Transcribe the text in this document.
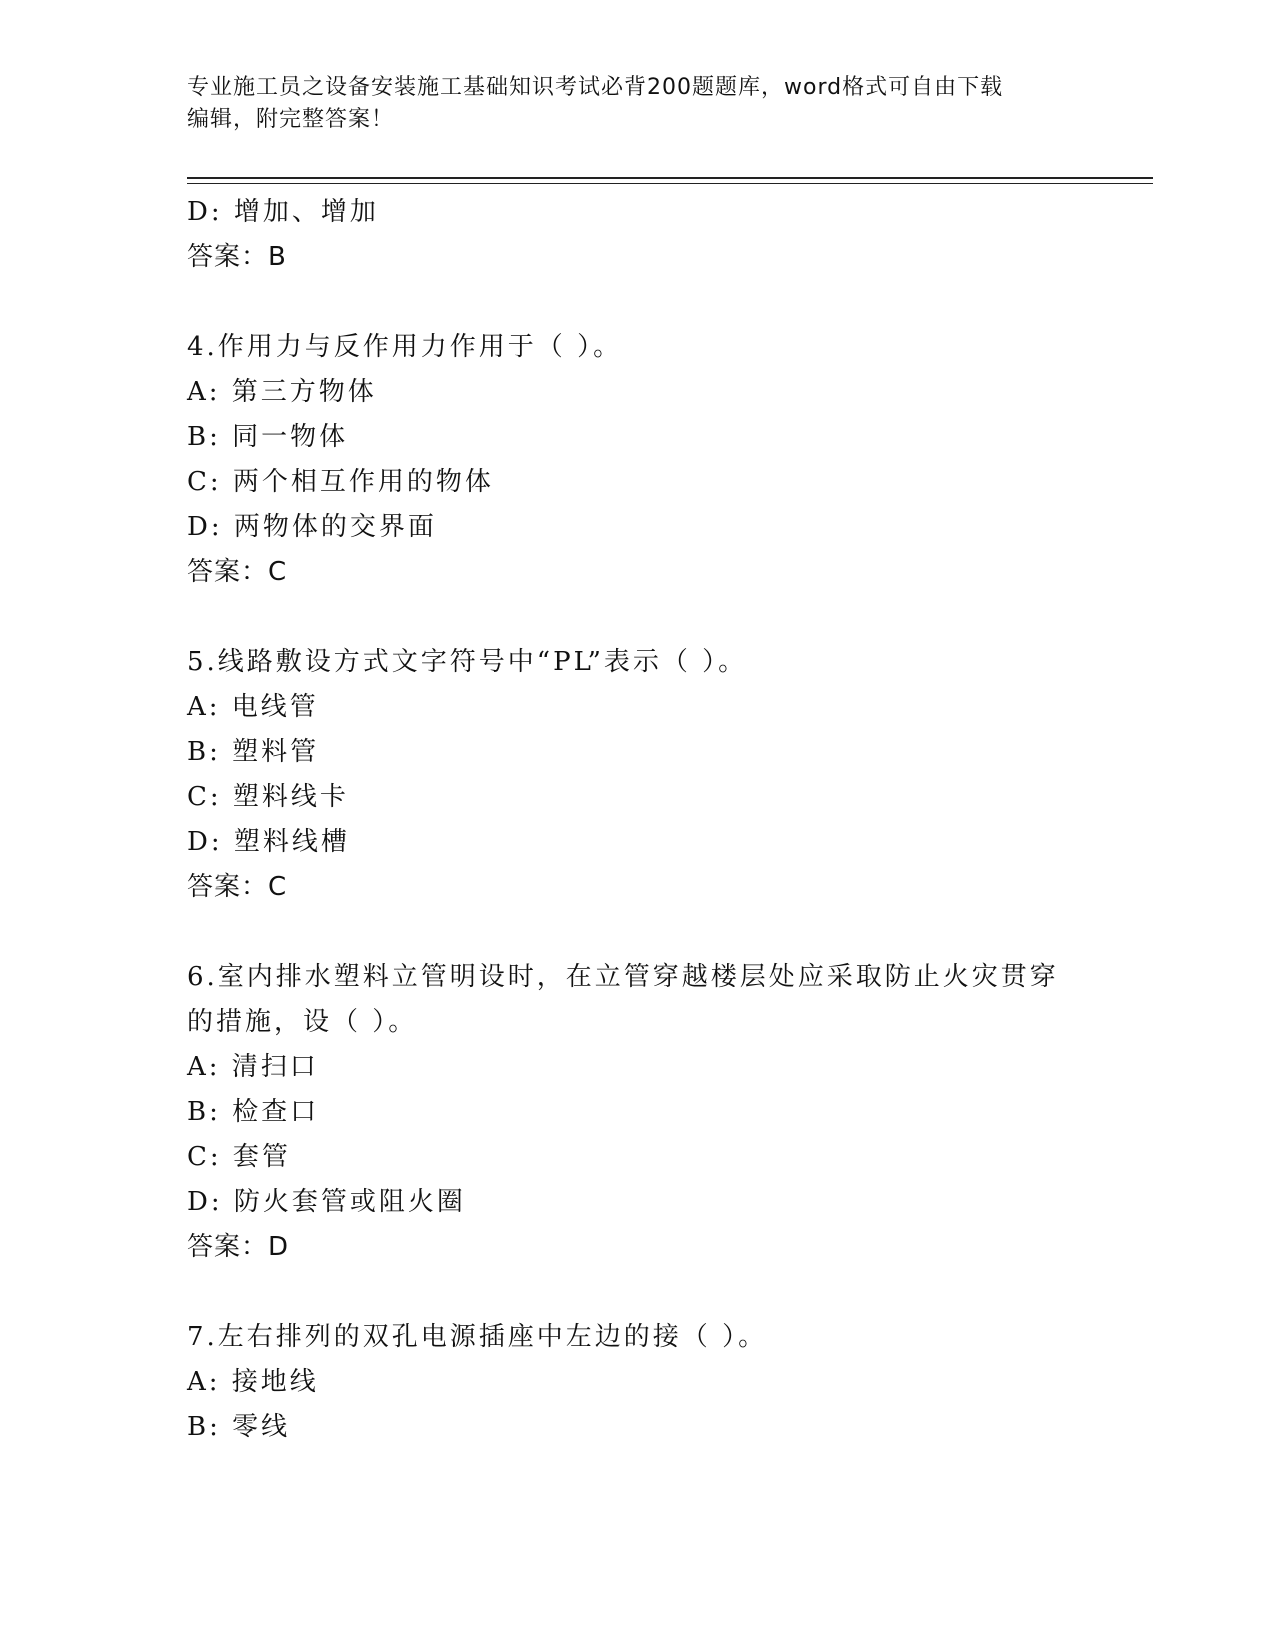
专业施工员之设备安装施工基础知识考试必背200题题库，word格式可自由下载
编辑，附完整答案！
D: 增加、增加
答案：B
4.作用力与反作用力作用于（ ）。
A: 第三方物体
B: 同一物体
C: 两个相互作用的物体
D: 两物体的交界面
答案：C
5.线路敷设方式文字符号中“PL”表示（ ）。
A: 电线管
B: 塑料管
C: 塑料线卡
D: 塑料线槽
答案：C
6.室内排水塑料立管明设时，在立管穿越楼层处应采取防止火灾贯穿
的措施，设（ ）。
A: 清扫口
B: 检查口
C: 套管
D: 防火套管或阻火圈
答案：D
7.左右排列的双孔电源插座中左边的接（ ）。
A: 接地线
B: 零线
